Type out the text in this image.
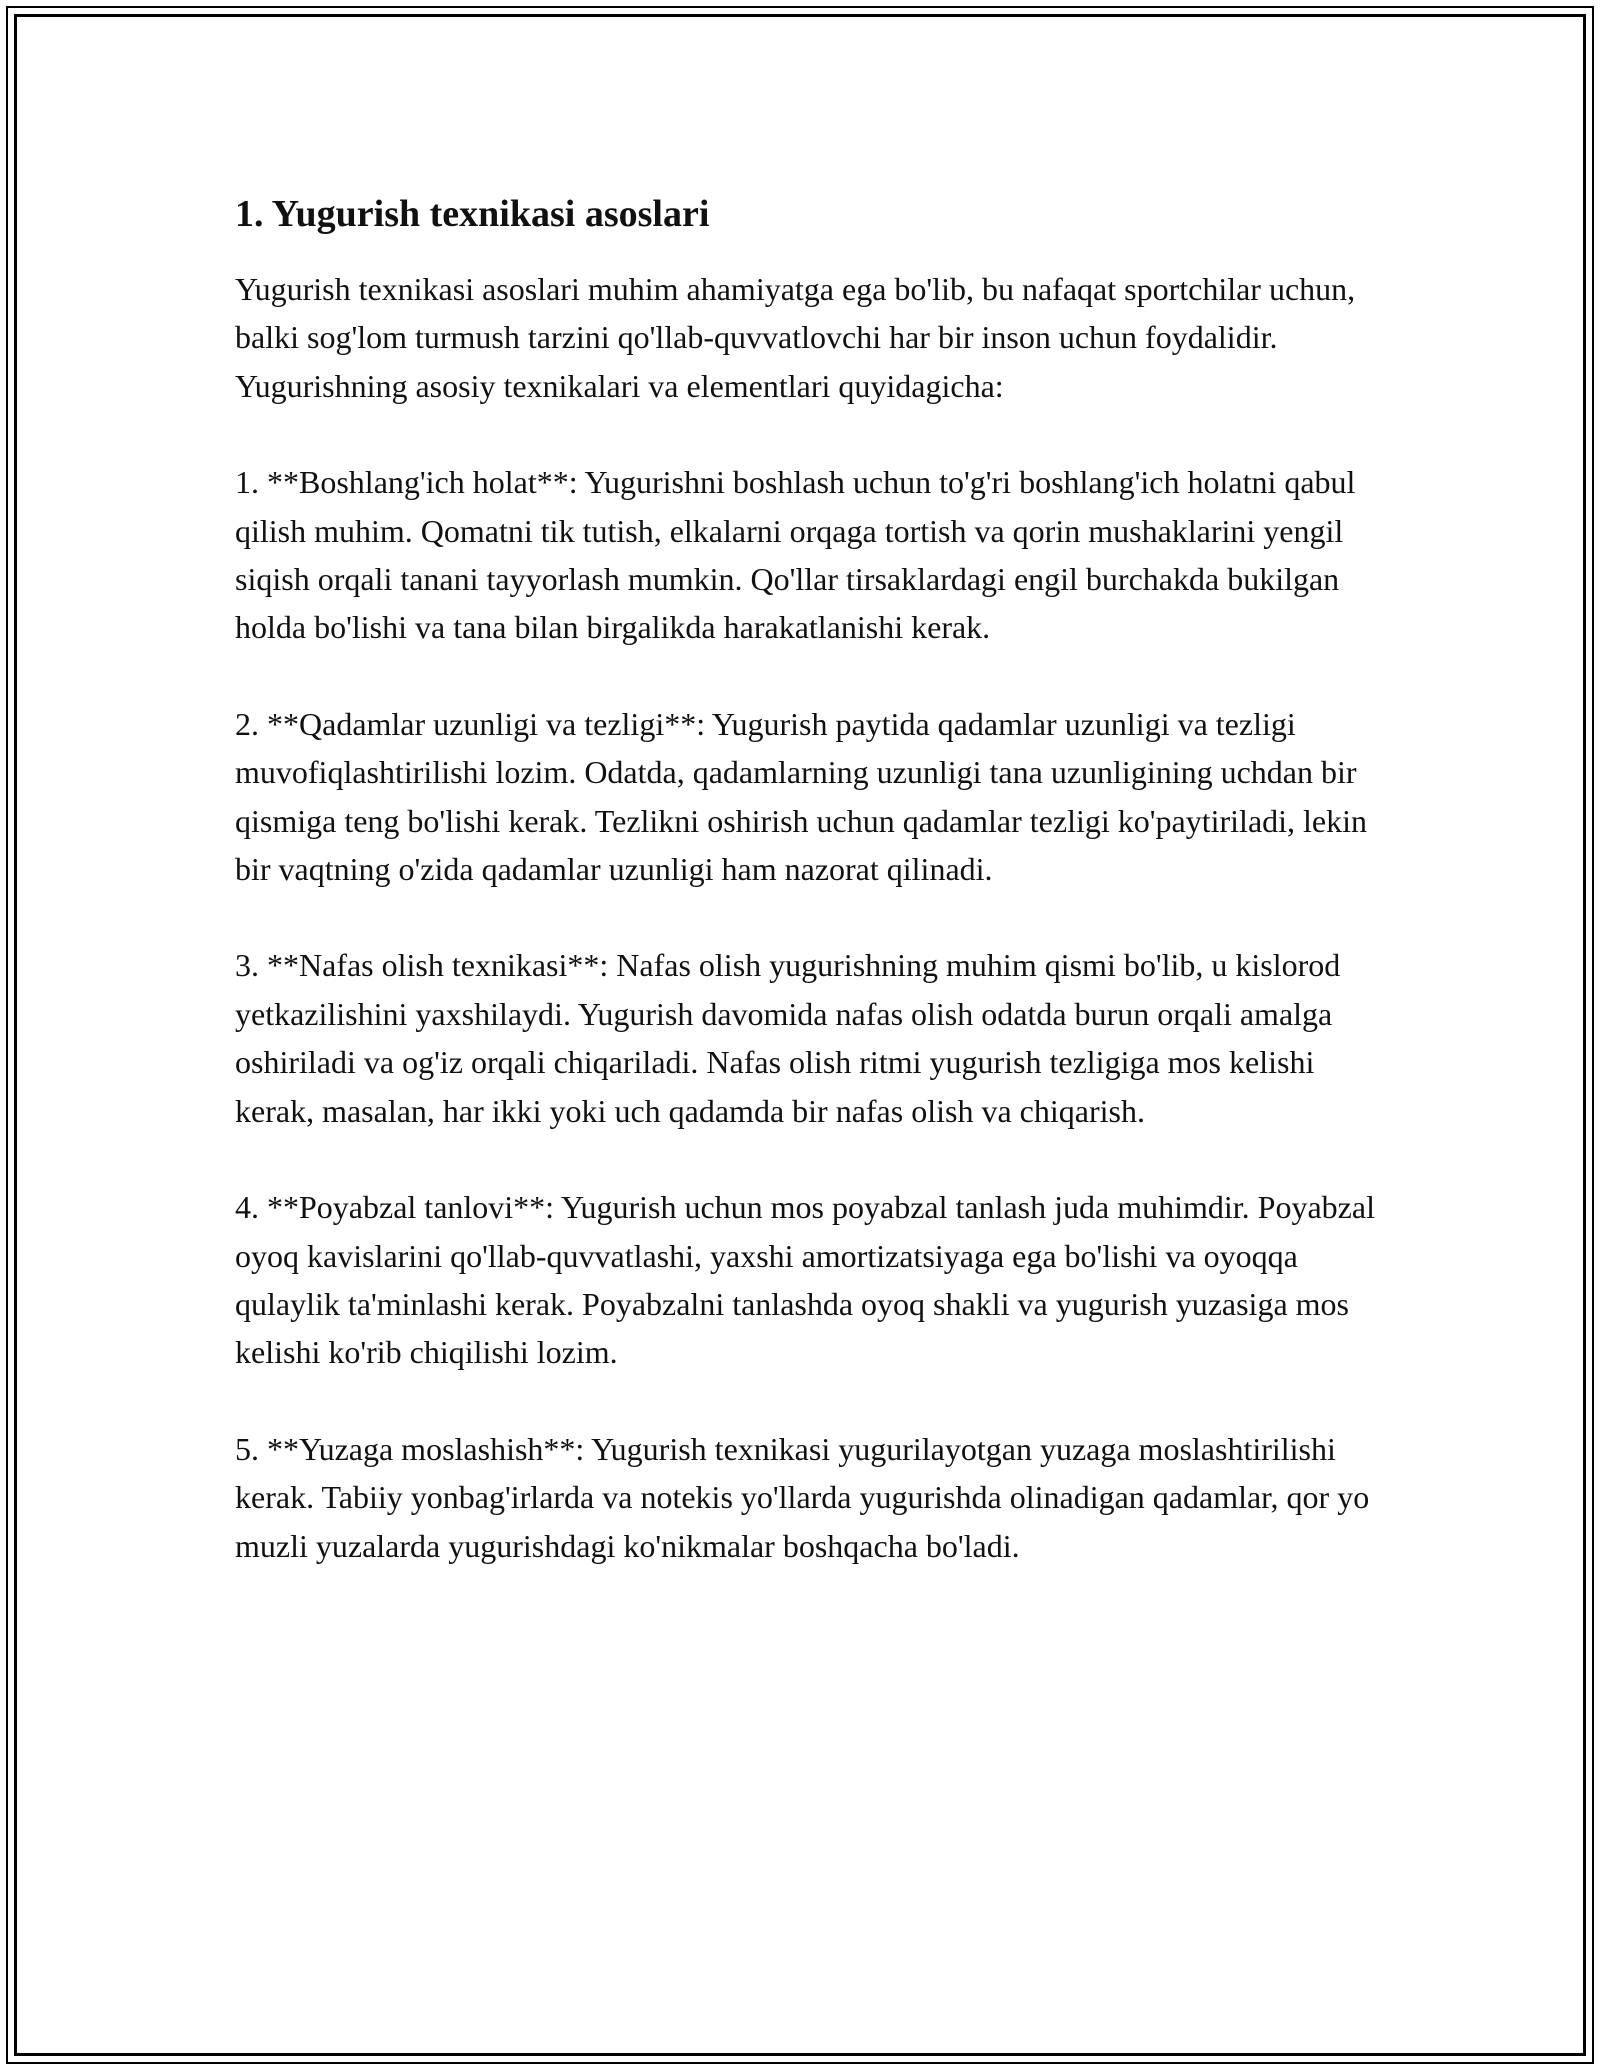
1. Yugurish texnikasi asoslari

Yugurish texnikasi asoslari muhim ahamiyatga ega bo'lib, bu nafaqat sportchilar uchun, balki sog'lom turmush tarzini qo'llab-quvvatlovchi har bir inson uchun foydalidir. Yugurishning asosiy texnikalari va elementlari quyidagicha:

1. **Boshlang'ich holat**: Yugurishni boshlash uchun to'g'ri boshlang'ich holatni qabul qilish muhim. Qomatni tik tutish, elkalarni orqaga tortish va qorin mushaklarini yengil siqish orqali tanani tayyorlash mumkin. Qo'llar tirsaklardagi engil burchakda bukilgan holda bo'lishi va tana bilan birgalikda harakatlanishi kerak.

2. **Qadamlar uzunligi va tezligi**: Yugurish paytida qadamlar uzunligi va tezligi muvofiqlashtirilishi lozim. Odatda, qadamlarning uzunligi tana uzunligining uchdan bir qismiga teng bo'lishi kerak. Tezlikni oshirish uchun qadamlar tezligi ko'paytiriladi, lekin bir vaqtning o'zida qadamlar uzunligi ham nazorat qilinadi.

3. **Nafas olish texnikasi**: Nafas olish yugurishning muhim qismi bo'lib, u kislorod yetkazilishini yaxshilaydi. Yugurish davomida nafas olish odatda burun orqali amalga oshiriladi va og'iz orqali chiqariladi. Nafas olish ritmi yugurish tezligiga mos kelishi kerak, masalan, har ikki yoki uch qadamda bir nafas olish va chiqarish.

4. **Poyabzal tanlovi**: Yugurish uchun mos poyabzal tanlash juda muhimdir. Poyabzal oyoq kavislarini qo'llab-quvvatlashi, yaxshi amortizatsiyaga ega bo'lishi va oyoqqa qulaylik ta'minlashi kerak. Poyabzalni tanlashda oyoq shakli va yugurish yuzasiga mos kelishi ko'rib chiqilishi lozim.

5. **Yuzaga moslashish**: Yugurish texnikasi yugurilayotgan yuzaga moslashtirilishi kerak. Tabiiy yonbag'irlarda va notekis yo'llarda yugurishda olinadigan qadamlar, qor yo muzli yuzalarda yugurishdagi ko'nikmalar boshqacha bo'ladi.
